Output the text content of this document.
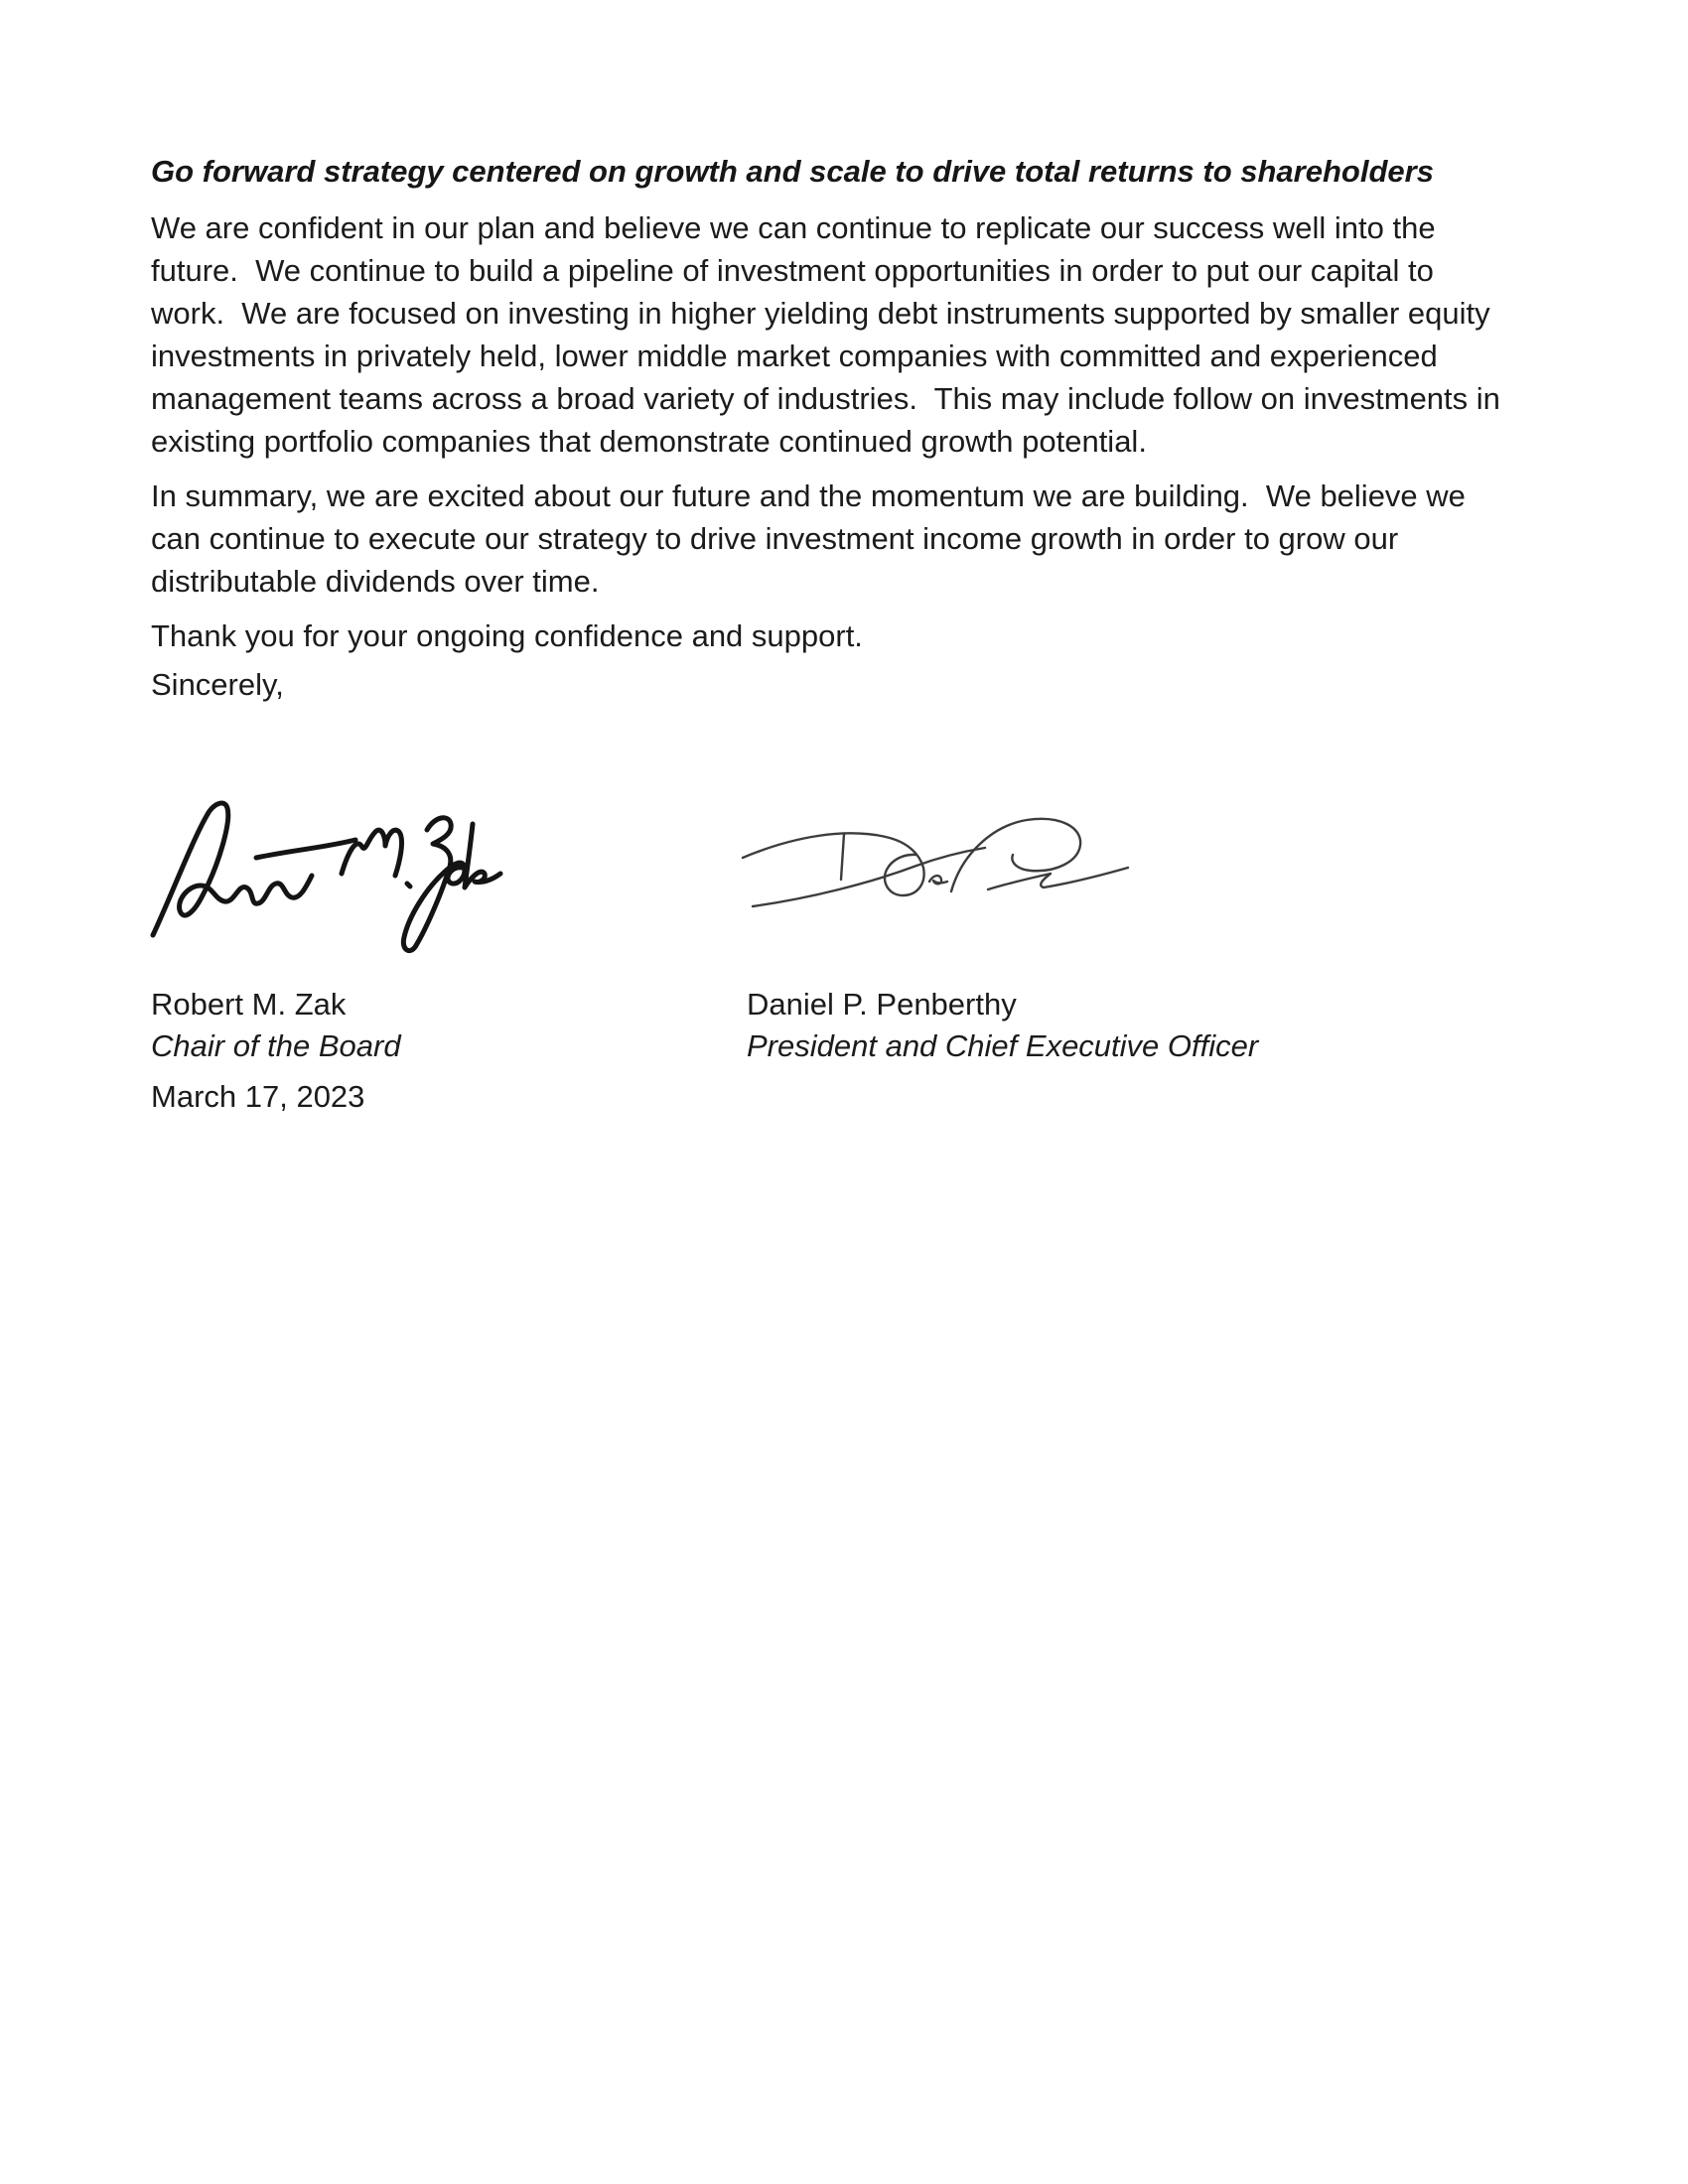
Go forward strategy centered on growth and scale to drive total returns to shareholders

We are confident in our plan and believe we can continue to replicate our success well into the future.  We continue to build a pipeline of investment opportunities in order to put our capital to work.  We are focused on investing in higher yielding debt instruments supported by smaller equity investments in privately held, lower middle market companies with committed and experienced management teams across a broad variety of industries.  This may include follow on investments in existing portfolio companies that demonstrate continued growth potential.

In summary, we are excited about our future and the momentum we are building.  We believe we can continue to execute our strategy to drive investment income growth in order to grow our distributable dividends over time.

Thank you for your ongoing confidence and support.

Sincerely,

Robert M. Zak
Chair of the Board
Daniel P. Penberthy
President and Chief Executive Officer
March 17, 2023
